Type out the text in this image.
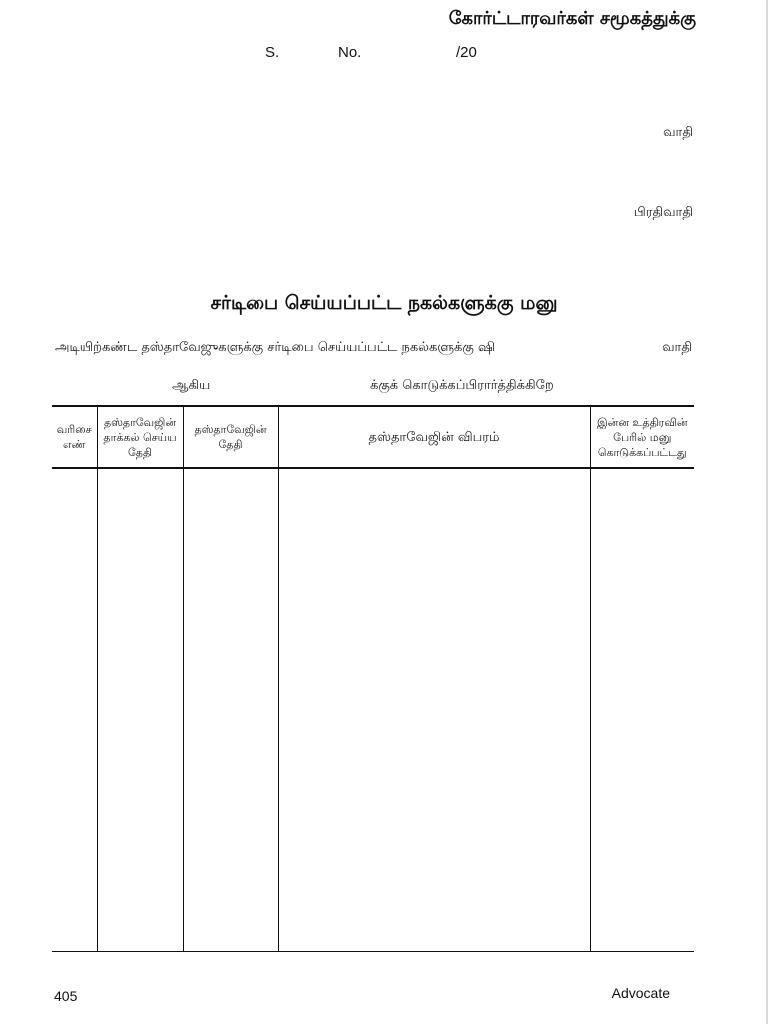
கோர்ட்டாரவர்கள் சமூகத்துக்கு
S.	No.	/20
வாதி
பிரதிவாதி
சர்டிபை செய்யப்பட்ட நகல்களுக்கு மனு
அடியிற்கண்ட தஸ்தாவேஜுகளுக்கு சர்டிபை செய்யப்பட்ட நகல்களுக்கு ஷி	வாதி
ஆகிய	க்குக் கொடுக்கப்பிரார்த்திக்கிறே
வரிசை எண்	தஸ்தாவேஜின் தாக்கல் செய்ய தேதி	தஸ்தாவேஜின் தேதி	தஸ்தாவேஜின் விபரம்	இன்ன உத்திரவின் பேரில் மனு கொடுக்கப்பட்டது

405	Advocate
